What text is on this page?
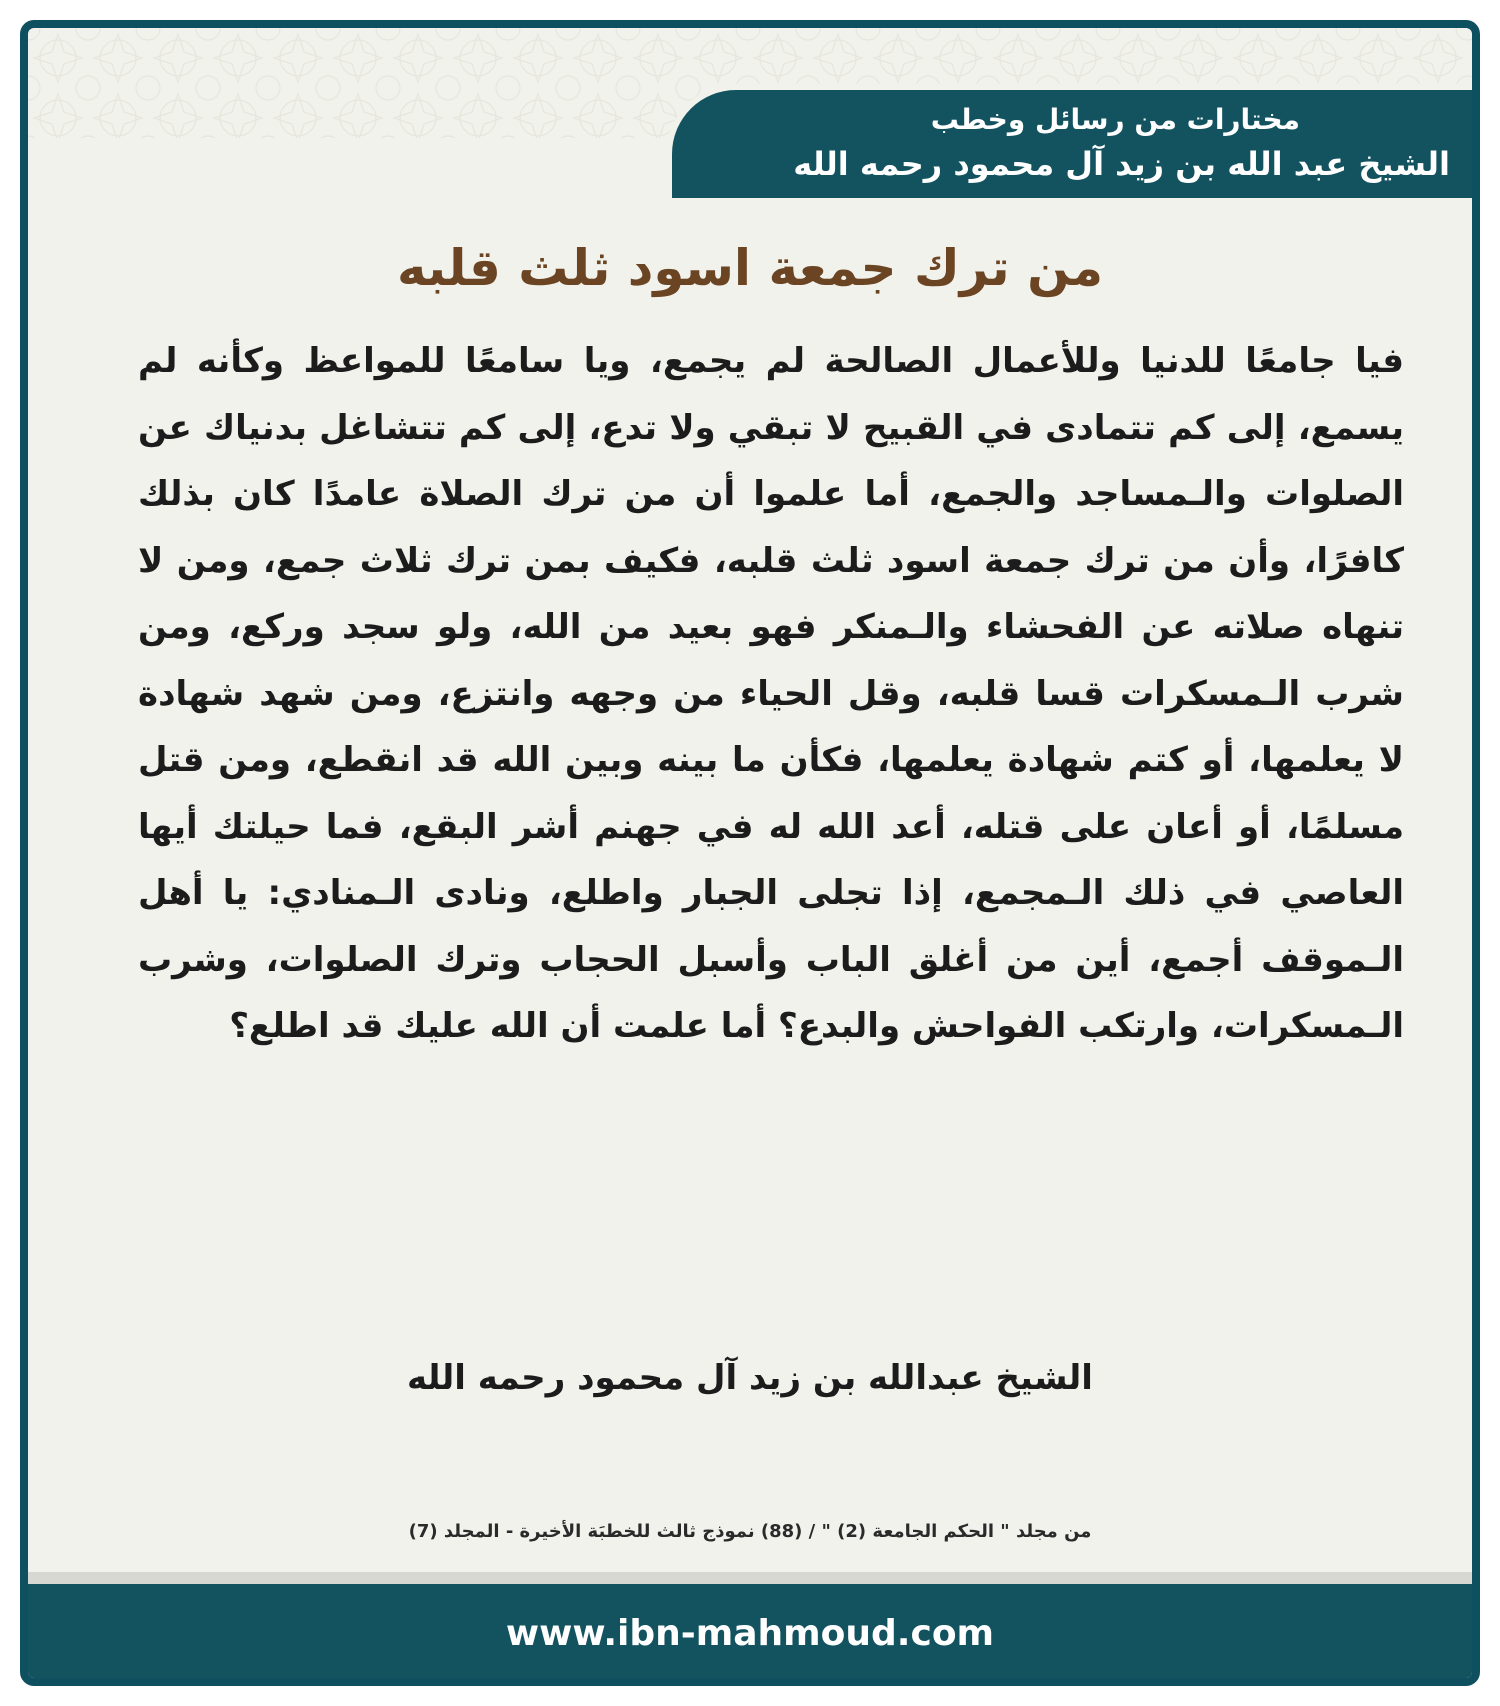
مختارات من رسائل وخطب
الشيخ عبد الله بن زيد آل محمود رحمه الله
من ترك جمعة اسود ثلث قلبه
فيا جامعًا للدنيا وللأعمال الصالحة لم يجمع، ويا سامعًا للمواعظ وكأنه لم يسمع، إلى كم تتمادى في القبيح لا تبقي ولا تدع، إلى كم تتشاغل بدنياك عن الصلوات والـمساجد والجمع، أما علموا أن من ترك الصلاة عامدًا كان بذلك كافرًا، وأن من ترك جمعة اسود ثلث قلبه، فكيف بمن ترك ثلاث جمع، ومن لا تنهاه صلاته عن الفحشاء والـمنكر فهو بعيد من الله، ولو سجد وركع، ومن شرب الـمسكرات قسا قلبه، وقل الحياء من وجهه وانتزع، ومن شهد شهادة لا يعلمها، أو كتم شهادة يعلمها، فكأن ما بينه وبين الله قد انقطع، ومن قتل مسلمًا، أو أعان على قتله، أعد الله له في جهنم أشر البقع، فما حيلتك أيها العاصي في ذلك الـمجمع، إذا تجلى الجبار واطلع، ونادى الـمنادي: يا أهل الـموقف أجمع، أين من أغلق الباب وأسبل الحجاب وترك الصلوات، وشرب الـمسكرات، وارتكب الفواحش والبدع؟ أما علمت أن الله عليك قد اطلع؟
الشيخ عبدالله بن زيد آل محمود رحمه الله
من مجلد " الحكم الجامعة (2) " / (88) نموذج ثالث للخطبَة الأخيرة - المجلد (7)
www.ibn-mahmoud.com
